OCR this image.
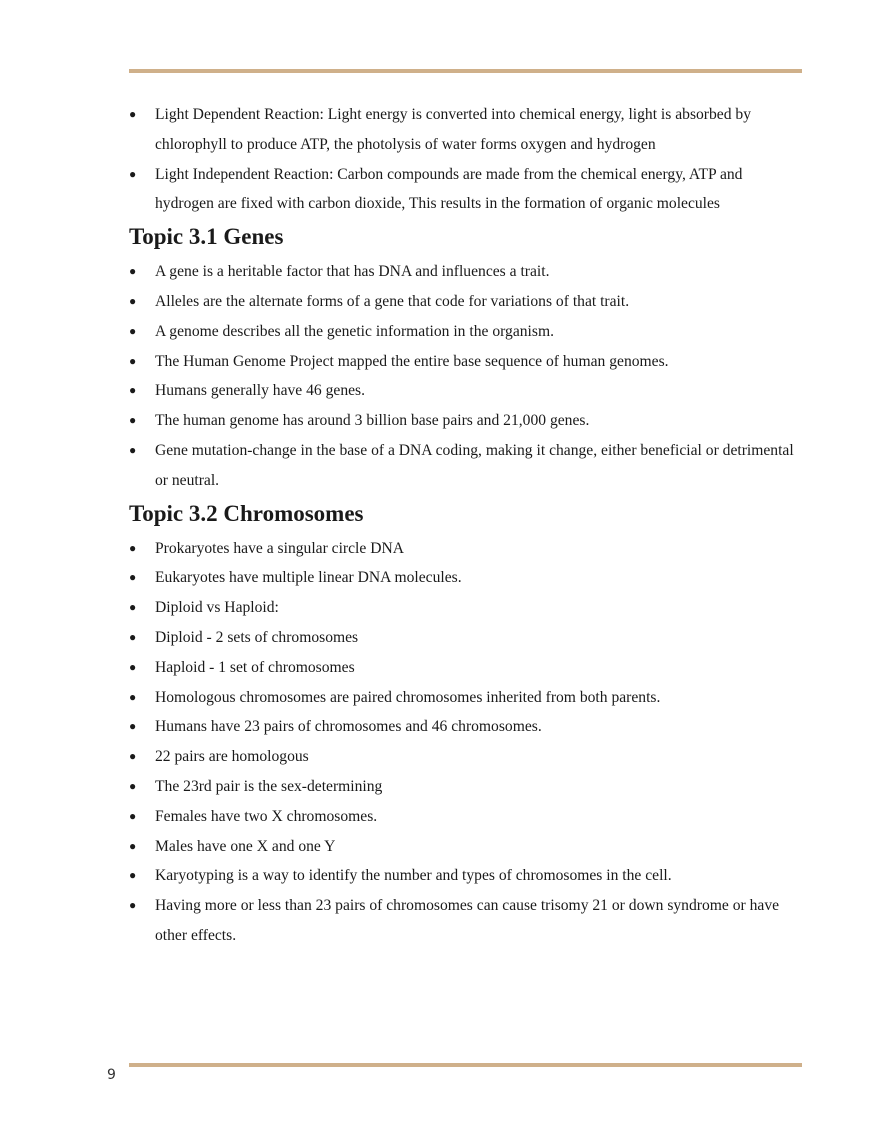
● Light Dependent Reaction: Light energy is converted into chemical energy, light is absorbed by chlorophyll to produce ATP, the photolysis of water forms oxygen and hydrogen
● Light Independent Reaction: Carbon compounds are made from the chemical energy, ATP and hydrogen are fixed with carbon dioxide, This results in the formation of organic molecules
Topic 3.1 Genes
● A gene is a heritable factor that has DNA and influences a trait.
● Alleles are the alternate forms of a gene that code for variations of that trait.
● A genome describes all the genetic information in the organism.
● The Human Genome Project mapped the entire base sequence of human genomes.
● Humans generally have 46 genes.
● The human genome has around 3 billion base pairs and 21,000 genes.
● Gene mutation-change in the base of a DNA coding, making it change, either beneficial or detrimental or neutral.
Topic 3.2 Chromosomes
● Prokaryotes have a singular circle DNA
● Eukaryotes have multiple linear DNA molecules.
● Diploid vs Haploid:
● Diploid - 2 sets of chromosomes
● Haploid - 1 set of chromosomes
● Homologous chromosomes are paired chromosomes inherited from both parents.
● Humans have 23 pairs of chromosomes and 46 chromosomes.
● 22 pairs are homologous
● The 23rd pair is the sex-determining
● Females have two X chromosomes.
● Males have one X and one Y
● Karyotyping is a way to identify the number and types of chromosomes in the cell.
● Having more or less than 23 pairs of chromosomes can cause trisomy 21 or down syndrome or have other effects.
9
